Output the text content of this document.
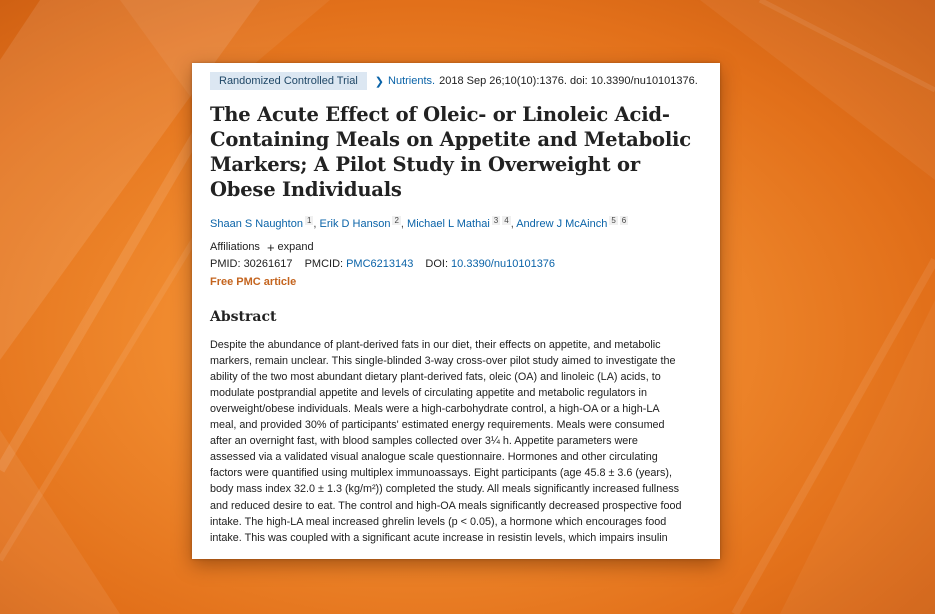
Randomized Controlled Trial	❯ Nutrients. 2018 Sep 26;10(10):1376. doi: 10.3390/nu10101376.
The Acute Effect of Oleic- or Linoleic Acid-Containing Meals on Appetite and Metabolic Markers; A Pilot Study in Overweight or Obese Individuals
Shaan S Naughton 1 , Erik D Hanson 2 , Michael L Mathai 3 4 , Andrew J McAinch 5 6
Affiliations + expand
PMID: 30261617 PMCID: PMC6213143 DOI: 10.3390/nu10101376
Free PMC article
Abstract
Despite the abundance of plant-derived fats in our diet, their effects on appetite, and metabolic
markers, remain unclear. This single-blinded 3-way cross-over pilot study aimed to investigate the
ability of the two most abundant dietary plant-derived fats, oleic (OA) and linoleic (LA) acids, to
modulate postprandial appetite and levels of circulating appetite and metabolic regulators in
overweight/obese individuals. Meals were a high-carbohydrate control, a high-OA or a high-LA
meal, and provided 30% of participants' estimated energy requirements. Meals were consumed
after an overnight fast, with blood samples collected over 3¼ h. Appetite parameters were
assessed via a validated visual analogue scale questionnaire. Hormones and other circulating
factors were quantified using multiplex immunoassays. Eight participants (age 45.8 ± 3.6 (years),
body mass index 32.0 ± 1.3 (kg/m²)) completed the study. All meals significantly increased fullness
and reduced desire to eat. The control and high-OA meals significantly decreased prospective food
intake. The high-LA meal increased ghrelin levels (p < 0.05), a hormone which encourages food
intake. This was coupled with a significant acute increase in resistin levels, which impairs insulin
